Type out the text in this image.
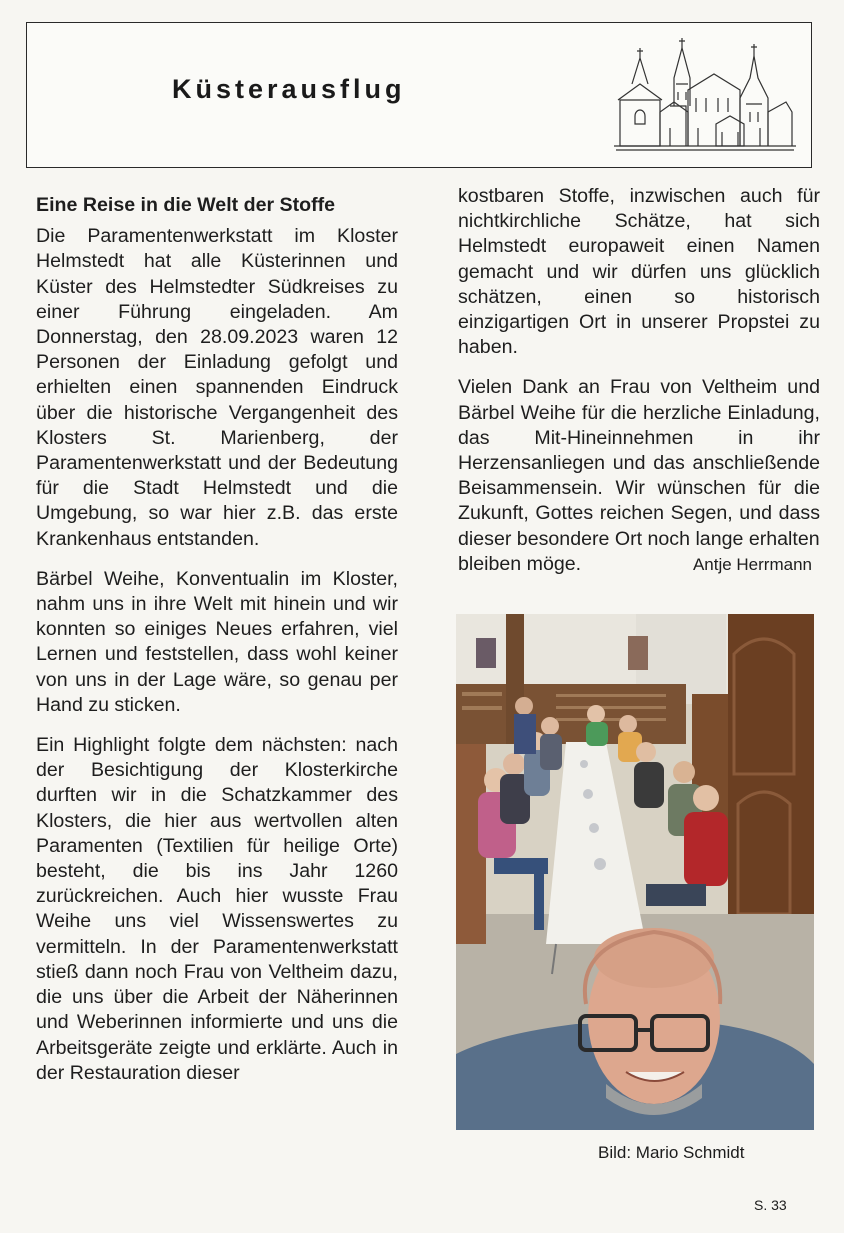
Küsterausflug
Eine Reise in die Welt der Stoffe

Die Paramentenwerkstatt im Kloster Helmstedt hat alle Küsterinnen und Küster des Helmstedter Südkreises zu einer Führung eingeladen. Am Donnerstag, den 28.09.2023 waren 12 Personen der Einladung gefolgt und erhielten einen spannenden Eindruck über die historische Vergangenheit des Klosters St. Marienberg, der Paramentenwerkstatt und der Bedeutung für die Stadt Helmstedt und die Umgebung, so war hier z.B. das erste Krankenhaus entstanden.

Bärbel Weihe, Konventualin im Kloster, nahm uns in ihre Welt mit hinein und wir konnten so einiges Neues erfahren, viel Lernen und feststellen, dass wohl keiner von uns in der Lage wäre, so genau per Hand zu sticken.

Ein Highlight folgte dem nächsten: nach der Besichtigung der Klosterkirche durften wir in die Schatzkammer des Klosters, die hier aus wertvollen alten Paramenten (Textilien für heilige Orte) besteht, die bis ins Jahr 1260 zurückreichen. Auch hier wusste Frau Weihe uns viel Wissenswertes zu vermitteln. In der Paramentenwerkstatt stieß dann noch Frau von Veltheim dazu, die uns über die Arbeit der Näherinnen und Weberinnen informierte und uns die Arbeitsgeräte zeigte und erklärte. Auch in der Restauration dieser

kostbaren Stoffe, inzwischen auch für nichtkirchliche Schätze, hat sich Helmstedt europaweit einen Namen gemacht und wir dürfen uns glücklich schätzen, einen so historisch einzigartigen Ort in unserer Propstei zu haben.

Vielen Dank an Frau von Veltheim und Bärbel Weihe für die herzliche Einladung, das Mit-Hineinnehmen in ihr Herzensanliegen und das anschließende Beisammensein. Wir wünschen für die Zukunft, Gottes reichen Segen, und dass dieser besondere Ort noch lange erhalten

bleiben möge.	Antje Herrmann
Bild: Mario Schmidt
S. 33
